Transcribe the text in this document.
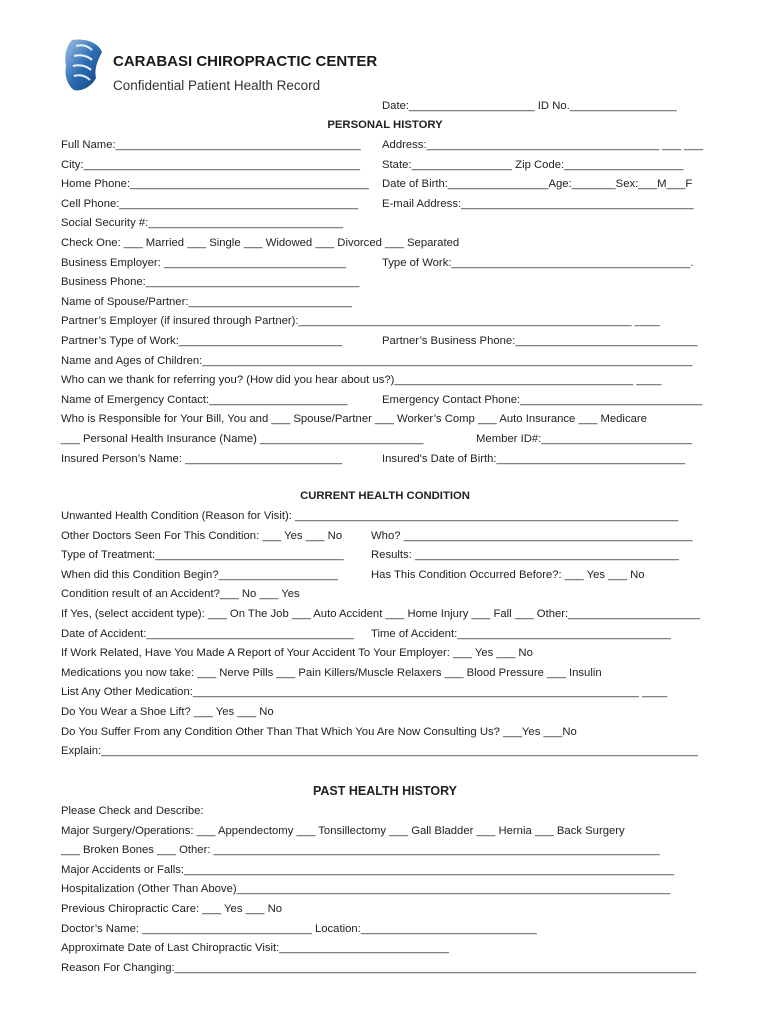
CARABASI CHIROPRACTIC CENTER
Confidential Patient Health Record
Date:____________________ ID No._________________
PERSONAL HISTORY
Full Name:_______________________________________ Address:_____________________________________ ___ ___
City:____________________________________________ State:________________ Zip Code:___________________
Home Phone:______________________________________ Date of Birth:________________Age:_______Sex:___M___F
Cell Phone:______________________________________ E-mail Address:_____________________________________
Social Security #:_______________________________
Check One: ___ Married ___ Single ___ Widowed ___ Divorced ___ Separated
Business Employer: _____________________________	Type of Work:______________________________________.
Business Phone:__________________________________
Name of Spouse/Partner:__________________________
Partner’s Employer (if insured through Partner):_____________________________________________________ ____
Partner’s Type of Work:__________________________	Partner’s Business Phone:_____________________________
Name and Ages of Children:______________________________________________________________________________
Who can we thank for referring you? (How did you hear about us?)______________________________________ ____
Name of Emergency Contact:______________________	Emergency Contact Phone:_____________________________
Who is Responsible for Your Bill, You and ___ Spouse/Partner ___ Worker’s Comp ___ Auto Insurance ___ Medicare
___ Personal Health Insurance (Name) __________________________	Member ID#:________________________
Insured Person’s Name: _________________________	Insured's Date of Birth:______________________________
CURRENT HEALTH CONDITION
Unwanted Health Condition (Reason for Visit): _____________________________________________________________
Other Doctors Seen For This Condition: ___ Yes ___ No	Who? ______________________________________________
Type of Treatment:______________________________ Results: __________________________________________
When did this Condition Begin?___________________	Has This Condition Occurred Before?: ___ Yes ___ No
Condition result of an Accident?___ No ___ Yes
If Yes, (select accident type): ___ On The Job ___ Auto Accident ___ Home Injury ___ Fall ___ Other:_____________________
Date of Accident:_________________________________ Time of Accident:__________________________________
If Work Related, Have You Made A Report of Your Accident To Your Employer: ___ Yes ___ No
Medications you now take: ___ Nerve Pills ___ Pain Killers/Muscle Relaxers ___ Blood Pressure ___ Insulin
List Any Other Medication:_______________________________________________________________________ ____
Do You Wear a Shoe Lift? ___ Yes ___ No
Do You Suffer From any Condition Other Than That Which You Are Now Consulting Us? ___Yes ___No
Explain:_______________________________________________________________________________________________
PAST HEALTH HISTORY
Please Check and Describe:
Major Surgery/Operations: ___ Appendectomy ___ Tonsillectomy ___ Gall Bladder ___ Hernia ___ Back Surgery
___ Broken Bones ___ Other: _______________________________________________________________________
Major Accidents or Falls:______________________________________________________________________________
Hospitalization (Other Than Above)_____________________________________________________________________
Previous Chiropractic Care: ___ Yes ___ No
Doctor’s Name: ___________________________ Location:____________________________
Approximate Date of Last Chiropractic Visit:___________________________
Reason For Changing:___________________________________________________________________________________
